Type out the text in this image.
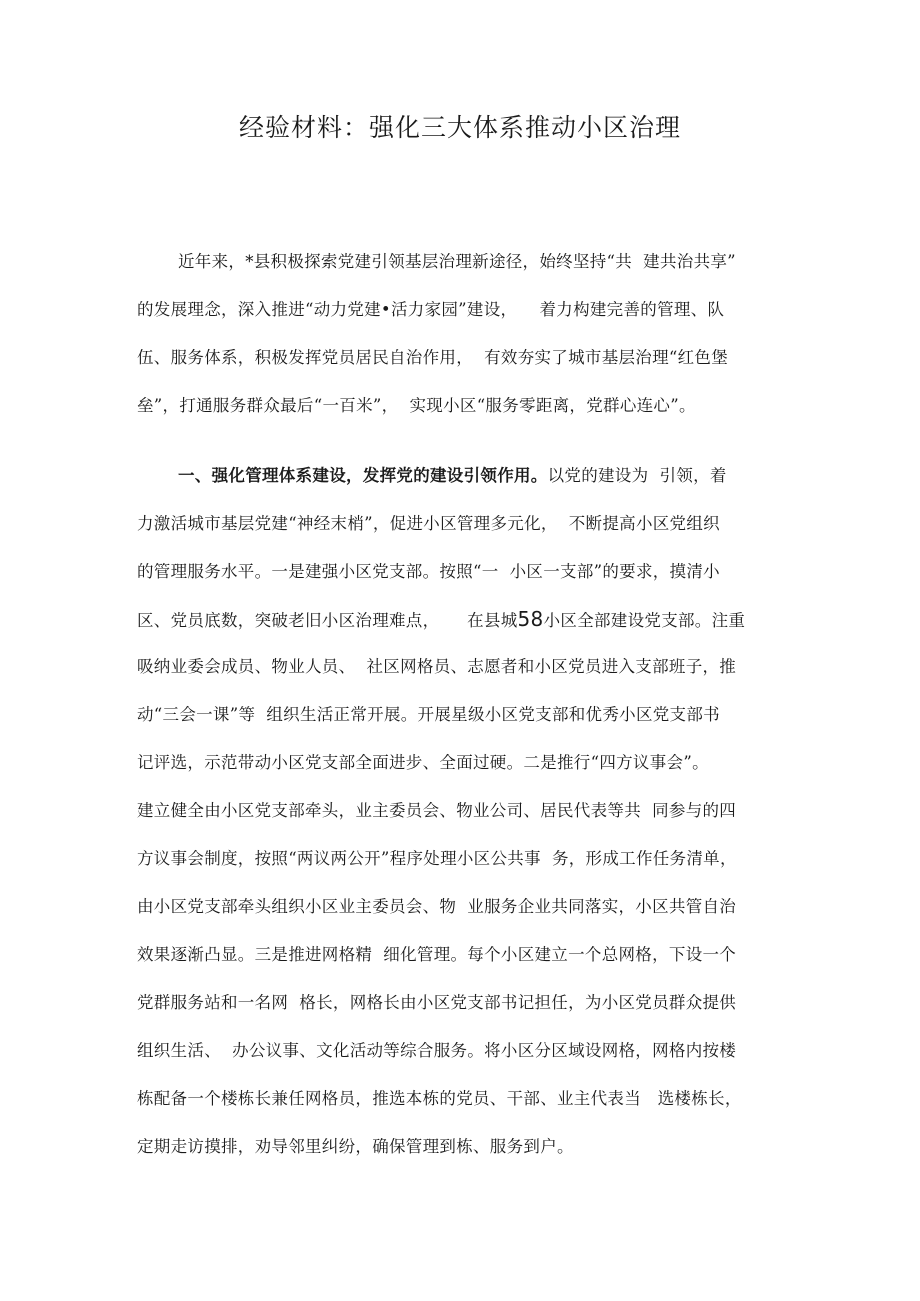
经验材料：强化三大体系推动小区治理
近年来，*县积极探索党建引领基层治理新途径，始终坚持“共  建共治共享”
的发展理念，深入推进“动力党建•活力家园”建设，    着力构建完善的管理、队
伍、服务体系，积极发挥党员居民自治作用，  有效夯实了城市基层治理“红色堡
垒”，打通服务群众最后“一百米”，  实现小区“服务零距离，党群心连心”。
一、强化管理体系建设，发挥党的建设引领作用。以党的建设为  引领，着
力激活城市基层党建“神经末梢”，促进小区管理多元化，  不断提高小区党组织
的管理服务水平。一是建强小区党支部。按照“一  小区一支部”的要求，摸清小
区、党员底数，突破老旧小区治理难点，     在县城58小区全部建设党支部。注重
吸纳业委会成员、物业人员、  社区网格员、志愿者和小区党员进入支部班子，推
动“三会一课”等  组织生活正常开展。开展星级小区党支部和优秀小区党支部书
记评选，示范带动小区党支部全面进步、全面过硬。二是推行“四方议事会”。
建立健全由小区党支部牵头，业主委员会、物业公司、居民代表等共  同参与的四
方议事会制度，按照“两议两公开”程序处理小区公共事  务，形成工作任务清单，
由小区党支部牵头组织小区业主委员会、物  业服务企业共同落实，小区共管自治
效果逐渐凸显。三是推进网格精  细化管理。每个小区建立一个总网格，下设一个
党群服务站和一名网  格长，网格长由小区党支部书记担任，为小区党员群众提供
组织生活、  办公议事、文化活动等综合服务。将小区分区域设网格，网格内按楼
栋配备一个楼栋长兼任网格员，推选本栋的党员、干部、业主代表当   选楼栋长，
定期走访摸排，劝导邻里纠纷，确保管理到栋、服务到户。
